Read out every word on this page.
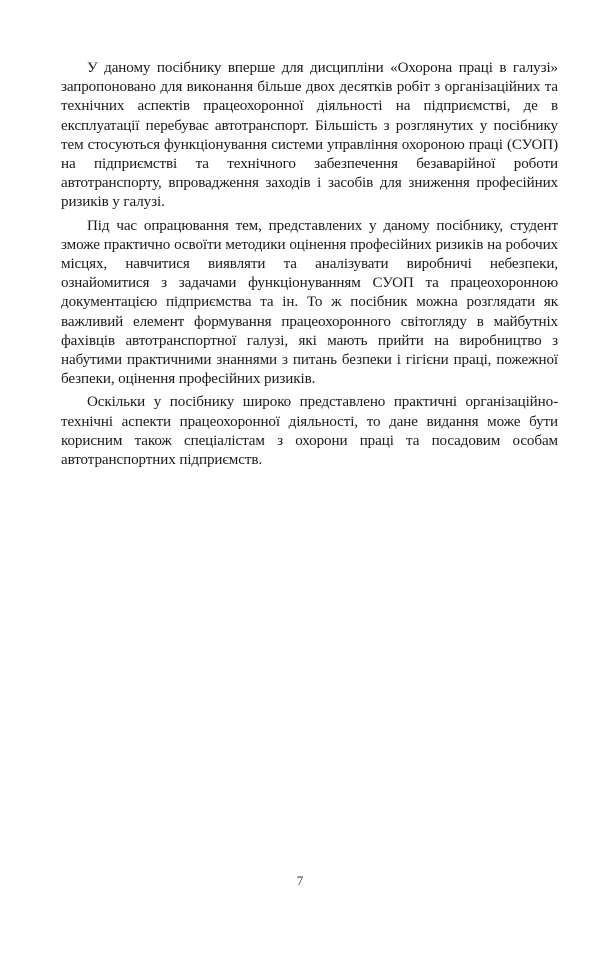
У даному посібнику вперше для дисципліни «Охорона праці в галузі» запропоновано для виконання більше двох десятків робіт з організаційних та технічних аспектів працеохоронної діяльності на підприємстві, де в експлуатації перебуває автотранспорт. Більшість з розглянутих у посібнику тем стосуються функціонування системи управління охороною праці (СУОП) на підприємстві та технічного забезпечення безаварійної роботи автотранспорту, впровадження заходів і засобів для зниження професійних ризиків у галузі.

Під час опрацювання тем, представлених у даному посібнику, студент зможе практично освоїти методики оцінення професійних ризиків на робочих місцях, навчитися виявляти та аналізувати виробничі небезпеки, ознайомитися з задачами функціонуванням СУОП та працеохоронною документацією підприємства та ін. То ж посібник можна розглядати як важливий елемент формування працеохоронного світогляду в майбутніх фахівців автотранспортної галузі, які мають прийти на виробництво з набутими практичними знаннями з питань безпеки і гігієни праці, пожежної безпеки, оцінення професійних ризиків.

Оскільки у посібнику широко представлено практичні організаційно-технічні аспекти працеохоронної діяльності, то дане видання може бути корисним також спеціалістам з охорони праці та посадовим особам автотранспортних підприємств.

7
